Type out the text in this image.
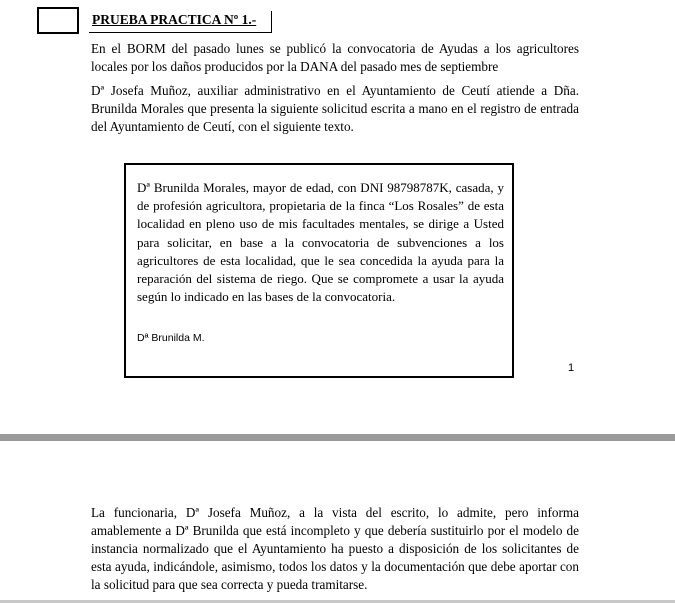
PRUEBA PRACTICA Nº 1.-

En el BORM del pasado lunes se publicó la convocatoria de Ayudas a los agricultores locales por los daños producidos por la DANA del pasado mes de septiembre

Dª Josefa Muñoz, auxiliar administrativo en el Ayuntamiento de Ceutí atiende a Dña. Brunilda Morales que presenta la siguiente solicitud escrita a mano en el registro de entrada del Ayuntamiento de Ceutí, con el siguiente texto.

Dª Brunilda Morales, mayor de edad, con DNI 98798787K, casada, y de profesión agricultora, propietaria de la finca “Los Rosales” de esta localidad en pleno uso de mis facultades mentales, se dirige a Usted para solicitar, en base a la convocatoria de subvenciones a los agricultores de esta localidad, que le sea concedida la ayuda para la reparación del sistema de riego. Que se compromete a usar la ayuda según lo indicado en las bases de la convocatoria.

Dª Brunilda M.
1

La funcionaria, Dª Josefa Muñoz, a la vista del escrito, lo admite, pero informa amablemente a Dª Brunilda que está incompleto y que debería sustituirlo por el modelo de instancia normalizado que el Ayuntamiento ha puesto a disposición de los solicitantes de esta ayuda, indicándole, asimismo, todos los datos y la documentación que debe aportar con la solicitud para que sea correcta y pueda tramitarse.
